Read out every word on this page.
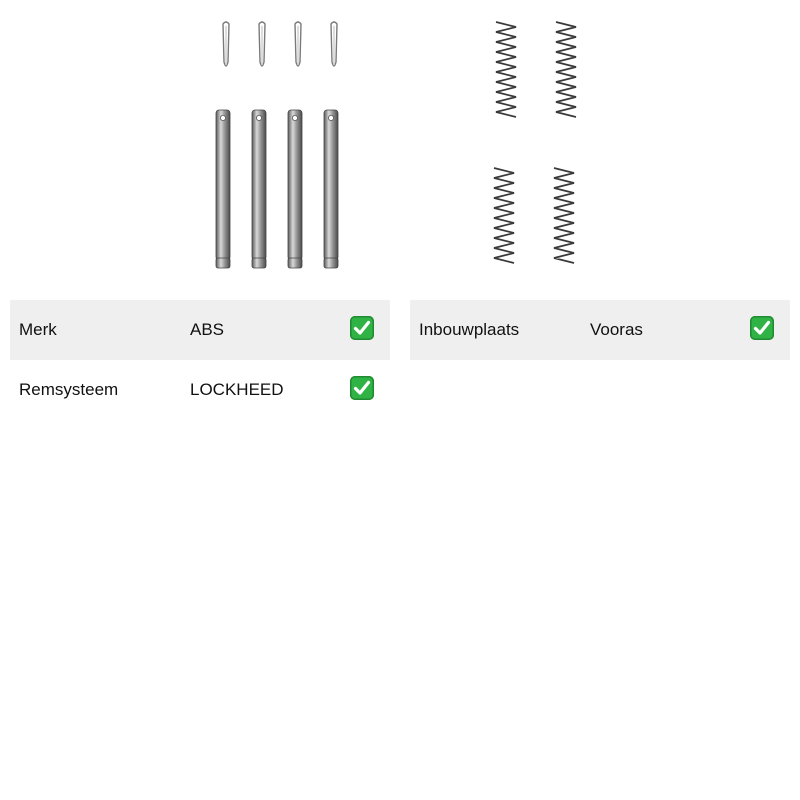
Merk	ABS
Remsysteem	LOCKHEED
Inbouwplaats	Vooras
